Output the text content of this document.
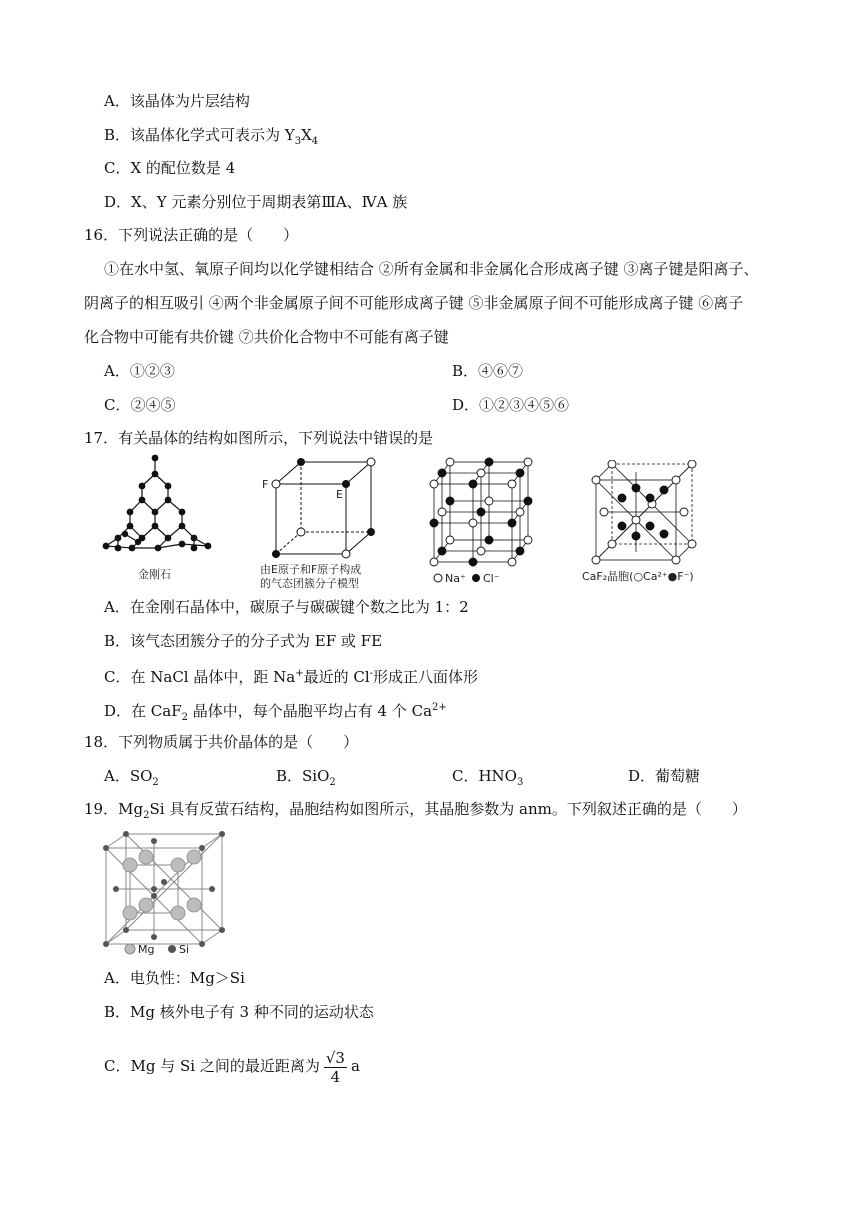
A．该晶体为片层结构
B．该晶体化学式可表示为 $Y_3X_4$
C．X 的配位数是 4
D．X、Y 元素分别位于周期表第ⅢA、ⅣA 族
16．下列说法正确的是（　　）
①在水中氢、氧原子间均以化学键相结合 ②所有金属和非金属化合形成离子键 ③离子键是阳离子、
阴离子的相互吸引 ④两个非金属原子间不可能形成离子键 ⑤非金属原子间不可能形成离子键 ⑥离子
化合物中可能有共价键 ⑦共价化合物中不可能有离子键
A．①②③	B．④⑥⑦
C．②④⑤	D．①②③④⑤⑥
17．有关晶体的结构如图所示，下列说法中错误的是
金刚石
F
E
由E原子和F原子构成
的气态团簇分子模型	Na⁺ Cl⁻	CaF₂晶胞(○Ca²⁺●F⁻)
A．在金刚石晶体中，碳原子与碳碳键个数之比为 1：2
B．该气态团簇分子的分子式为 EF 或 FE
C．在 NaCl 晶体中，距 Na+最近的 Cl-形成正八面体形
D．在 CaF$_2$ 晶体中，每个晶胞平均占有 4 个 $Ca^{2+}$
18．下列物质属于共价晶体的是（　　）
A．$SO_2$	B．SiO$_2$	C．$HNO_3$	D．葡萄糖
19．$Mg_2Si$ 具有反萤石结构，晶胞结构如图所示，其晶胞参数为 anm。下列叙述正确的是（　　）
Mg Si
A．电负性：Mg＞Si
B．Mg 核外电子有 3 种不同的运动状态
C．Mg 与 Si 之间的最近距离为 $\frac{√3}{4}$ a
